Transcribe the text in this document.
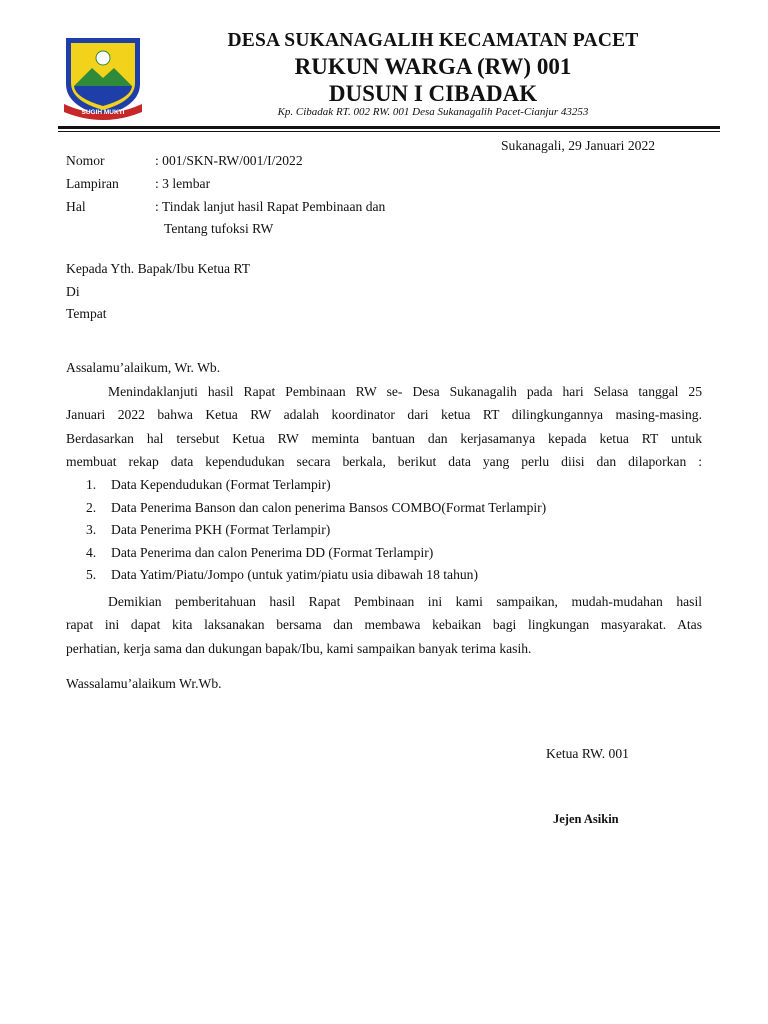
SUGIH MUKTI
DESA SUKANAGALIH KECAMATAN PACET
RUKUN WARGA (RW) 001
DUSUN I CIBADAK
Kp. Cibadak RT. 002 RW. 001 Desa Sukanagalih Pacet-Cianjur 43253
Sukanagali, 29 Januari 2022
Nomor	: 001/SKN-RW/001/I/2022
Lampiran	: 3 lembar
Hal	: Tindak lanjut hasil Rapat Pembinaan dan
Tentang tufoksi RW
Kepada Yth. Bapak/Ibu Ketua RT
Di
Tempat
Assalamu’alaikum, Wr. Wb.
Menindaklanjuti hasil Rapat Pembinaan RW se- Desa Sukanagalih pada hari Selasa tanggal 25
Januari 2022 bahwa Ketua RW adalah koordinator dari ketua RT dilingkungannya masing-masing.
Berdasarkan hal tersebut Ketua RW meminta bantuan dan kerjasamanya kepada ketua RT untuk
membuat rekap data kependudukan secara berkala, berikut data yang perlu diisi dan dilaporkan :
1. Data Kependudukan (Format Terlampir)
2. Data Penerima Banson dan calon penerima Bansos COMBO(Format Terlampir)
3. Data Penerima PKH (Format Terlampir)
4. Data Penerima dan calon Penerima DD (Format Terlampir)
5. Data Yatim/Piatu/Jompo (untuk yatim/piatu usia dibawah 18 tahun)
Demikian pemberitahuan hasil Rapat Pembinaan ini kami sampaikan, mudah-mudahan hasil
rapat ini dapat kita laksanakan bersama dan membawa kebaikan bagi lingkungan masyarakat. Atas
perhatian, kerja sama dan dukungan bapak/Ibu, kami sampaikan banyak terima kasih.
Wassalamu’alaikum Wr.Wb.
Ketua RW. 001
Jejen Asikin
